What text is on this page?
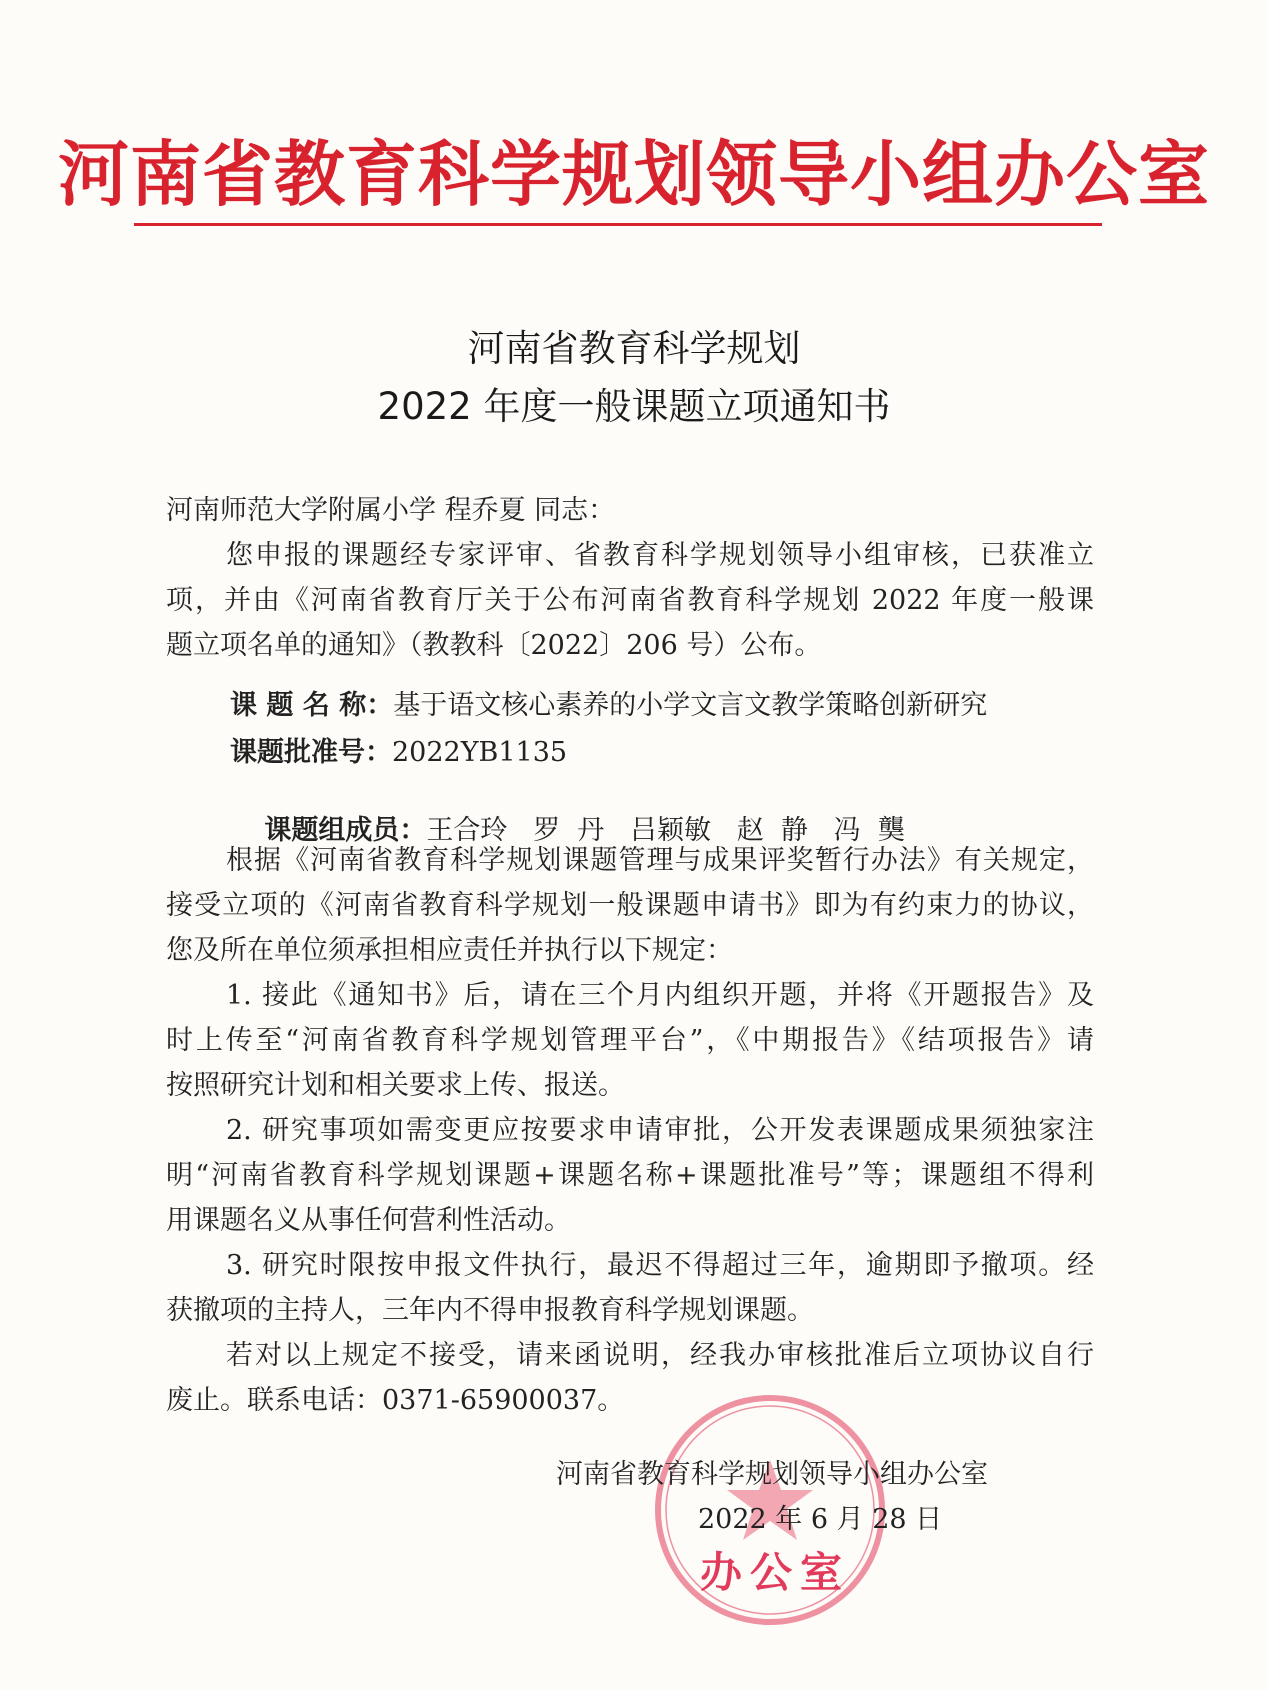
河南省教育科学规划领导小组办公室
河南省教育科学规划
2022 年度一般课题立项通知书
河南师范大学附属小学 程乔夏 同志：
您申报的课题经专家评审、省教育科学规划领导小组审核，已获准立
项，并由《河南省教育厅关于公布河南省教育科学规划 2022 年度一般课
题立项名单的通知》（教教科〔2022〕206 号）公布。
课 题 名 称：基于语文核心素养的小学文言文教学策略创新研究
课题批准号：2022YB1135

课题组成员：王合玲   罗  丹   吕颖敏   赵  静   冯  龑

根据《河南省教育科学规划课题管理与成果评奖暂行办法》有关规定，
接受立项的《河南省教育科学规划一般课题申请书》即为有约束力的协议，
您及所在单位须承担相应责任并执行以下规定：
1. 接此《通知书》后，请在三个月内组织开题，并将《开题报告》及
时上传至“河南省教育科学规划管理平台”，《中期报告》《结项报告》请
按照研究计划和相关要求上传、报送。
2. 研究事项如需变更应按要求申请审批，公开发表课题成果须独家注
明“河南省教育科学规划课题+课题名称+课题批准号”等；课题组不得利
用课题名义从事任何营利性活动。
3. 研究时限按申报文件执行，最迟不得超过三年，逾期即予撤项。经
获撤项的主持人，三年内不得申报教育科学规划课题。
若对以上规定不接受，请来函说明，经我办审核批准后立项协议自行
废止。联系电话：0371-65900037。
办公室
河南省教育科学规划领导小组办公室
2022 年 6 月 28 日
